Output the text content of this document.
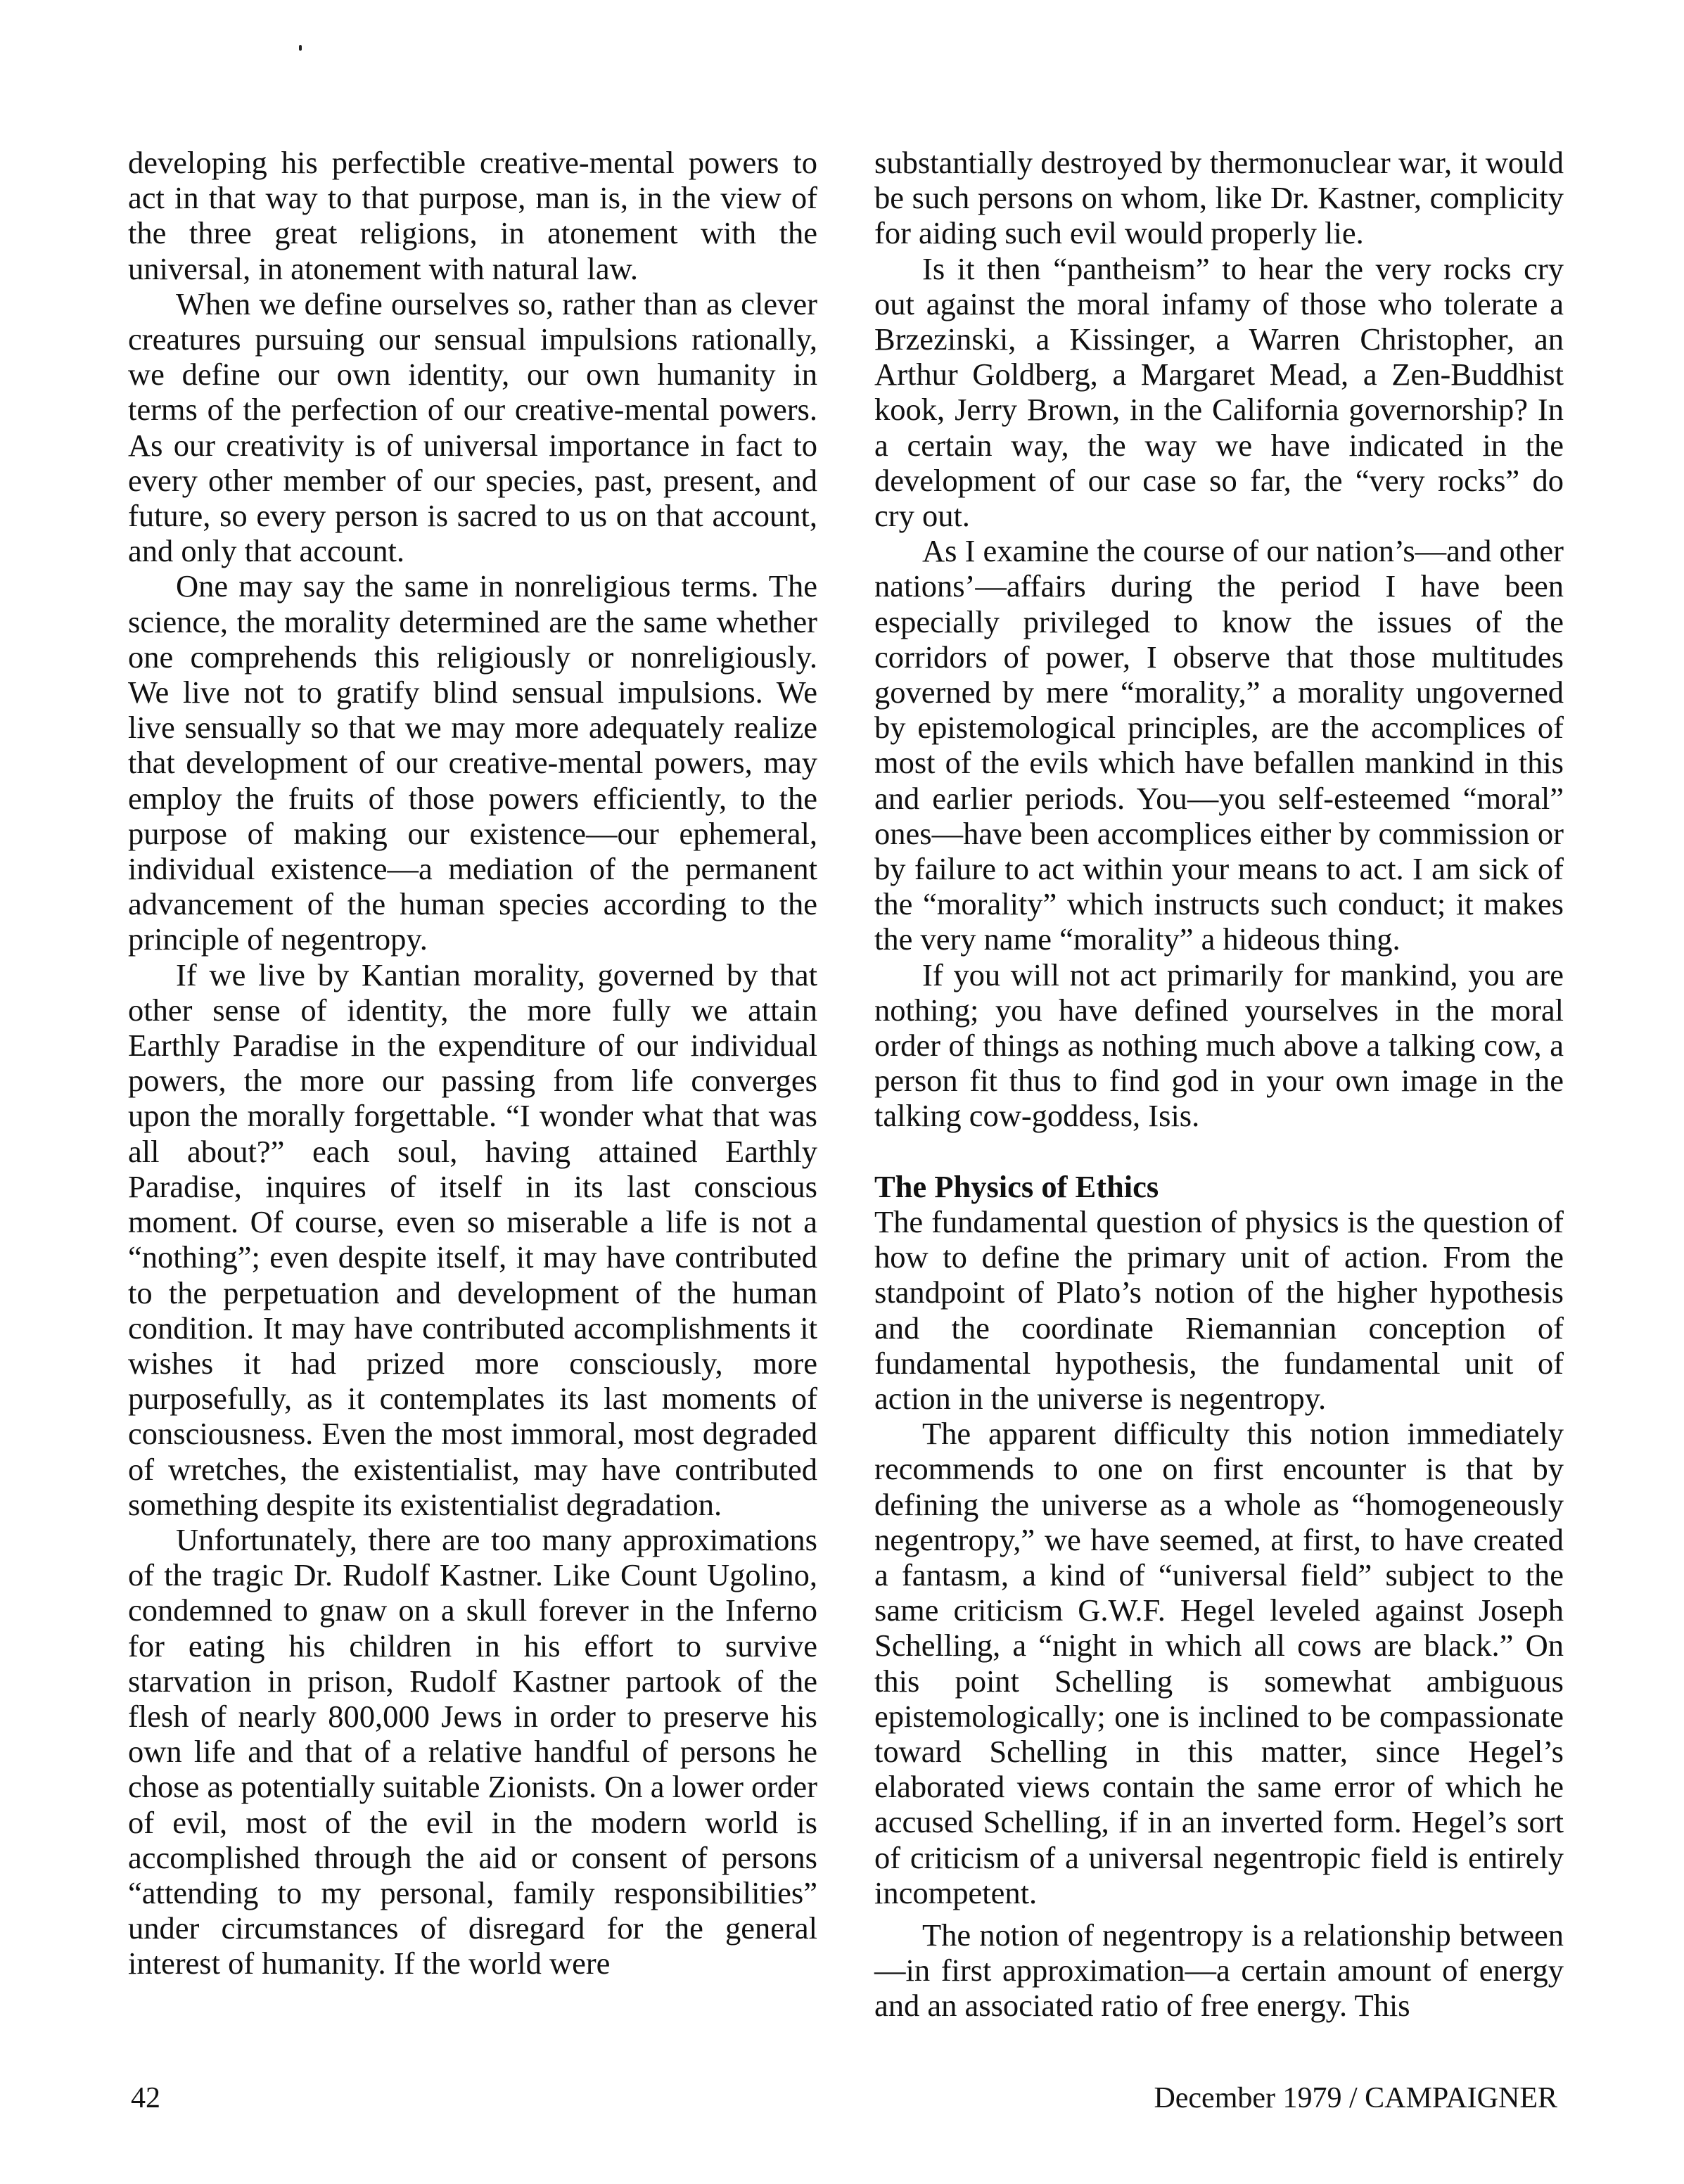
developing his perfectible creative-mental powers to act in that way to that purpose, man is, in the view of the three great religions, in atonement with the universal, in atonement with natural law.

When we define ourselves so, rather than as clever creatures pursuing our sensual impulsions rationally, we define our own identity, our own humanity in terms of the perfection of our creative-mental powers. As our creativity is of universal importance in fact to every other member of our species, past, present, and future, so every person is sacred to us on that account, and only that account.

One may say the same in nonreligious terms. The science, the morality determined are the same whether one comprehends this religiously or nonreligiously. We live not to gratify blind sensual impulsions. We live sensually so that we may more adequately realize that development of our creative-mental powers, may employ the fruits of those powers efficiently, to the purpose of making our existence—our ephemeral, individual existence—a mediation of the permanent advancement of the human species according to the principle of negentropy.

If we live by Kantian morality, governed by that other sense of identity, the more fully we attain Earthly Paradise in the expenditure of our individual powers, the more our passing from life converges upon the morally forgettable. “I wonder what that was all about?” each soul, having attained Earthly Paradise, inquires of itself in its last conscious moment. Of course, even so miserable a life is not a “nothing”; even despite itself, it may have contributed to the perpetuation and development of the human condition. It may have contributed accomplishments it wishes it had prized more consciously, more purposefully, as it contemplates its last moments of consciousness. Even the most immoral, most degraded of wretches, the existentialist, may have contributed something despite its existentialist degradation.

Unfortunately, there are too many approximations of the tragic Dr. Rudolf Kastner. Like Count Ugolino, condemned to gnaw on a skull forever in the Inferno for eating his children in his effort to survive starvation in prison, Rudolf Kastner partook of the flesh of nearly 800,000 Jews in order to preserve his own life and that of a relative handful of persons he chose as potentially suitable Zionists. On a lower order of evil, most of the evil in the modern world is accomplished through the aid or consent of persons “attending to my personal, family responsibilities” under circumstances of disregard for the general interest of humanity. If the world were

substantially destroyed by thermonuclear war, it would be such persons on whom, like Dr. Kastner, complicity for aiding such evil would properly lie.

Is it then “pantheism” to hear the very rocks cry out against the moral infamy of those who tolerate a Brzezinski, a Kissinger, a Warren Christopher, an Arthur Goldberg, a Margaret Mead, a Zen-Buddhist kook, Jerry Brown, in the California governorship? In a certain way, the way we have indicated in the development of our case so far, the “very rocks” do cry out.

As I examine the course of our nation’s—and other nations’—affairs during the period I have been especially privileged to know the issues of the corridors of power, I observe that those multitudes governed by mere “morality,” a morality ungoverned by epistemological principles, are the accomplices of most of the evils which have befallen mankind in this and earlier periods. You—you self-esteemed “moral” ones—have been accomplices either by commission or by failure to act within your means to act. I am sick of the “morality” which instructs such conduct; it makes the very name “morality” a hideous thing.

If you will not act primarily for mankind, you are nothing; you have defined yourselves in the moral order of things as nothing much above a talking cow, a person fit thus to find god in your own image in the talking cow-goddess, Isis.

The Physics of Ethics

The fundamental question of physics is the question of how to define the primary unit of action. From the standpoint of Plato’s notion of the higher hypothesis and the coordinate Riemannian conception of fundamental hypothesis, the fundamental unit of action in the universe is negentropy.

The apparent difficulty this notion immediately recommends to one on first encounter is that by defining the universe as a whole as “homogeneously negentropy,” we have seemed, at first, to have created a fantasm, a kind of “universal field” subject to the same criticism G.W.F. Hegel leveled against Joseph Schelling, a “night in which all cows are black.” On this point Schelling is somewhat ambiguous epistemologically; one is inclined to be compassionate toward Schelling in this matter, since Hegel’s elaborated views contain the same error of which he accused Schelling, if in an inverted form. Hegel’s sort of criticism of a universal negentropic field is entirely incompetent.

The notion of negentropy is a relationship between—in first approximation—a certain amount of energy and an associated ratio of free energy. This

42	December 1979 / CAMPAIGNER
